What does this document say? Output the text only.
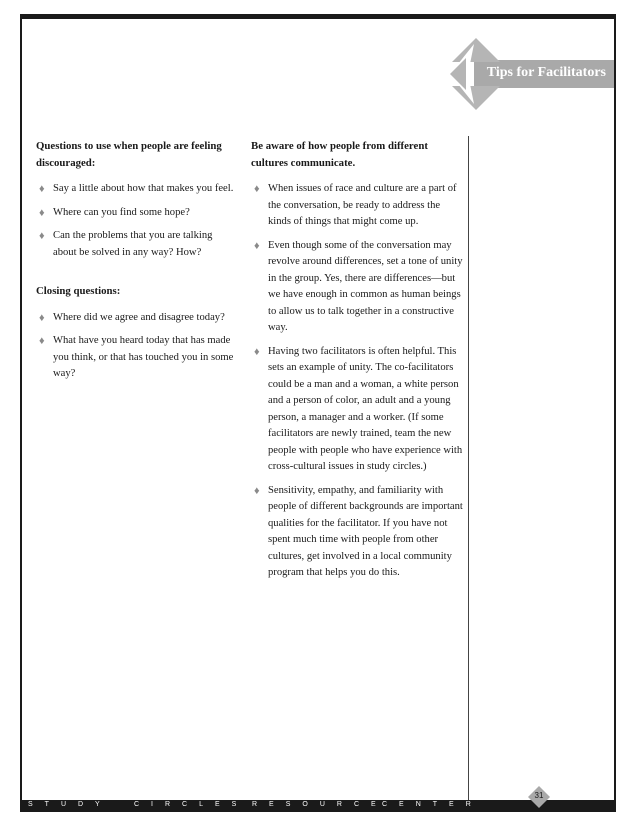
Tips for Facilitators

Questions to use when people are feeling discouraged:

♦ Say a little about how that makes you feel.
♦ Where can you find some hope?
♦ Can the problems that you are talking about be solved in any way? How?

Closing questions:

♦ Where did we agree and disagree today?
♦ What have you heard today that has made you think, or that has touched you in some way?

Be aware of how people from different cultures communicate.

♦ When issues of race and culture are a part of the conversation, be ready to address the kinds of things that might come up.
♦ Even though some of the conversation may revolve around differences, set a tone of unity in the group. Yes, there are differences—but we have enough in common as human beings to allow us to talk together in a constructive way.
♦ Having two facilitators is often helpful. This sets an example of unity. The co-facilitators could be a man and a woman, a white person and a person of color, an adult and a young person, a manager and a worker. (If some facilitators are newly trained, team the new people with people who have experience with cross-cultural issues in study circles.)
♦ Sensitivity, empathy, and familiarity with people of different backgrounds are important qualities for the facilitator. If you have not spent much time with people from other cultures, get involved in a local community program that helps you do this.
STUDY	CIRCLES RESOURCE
CENTER
31
